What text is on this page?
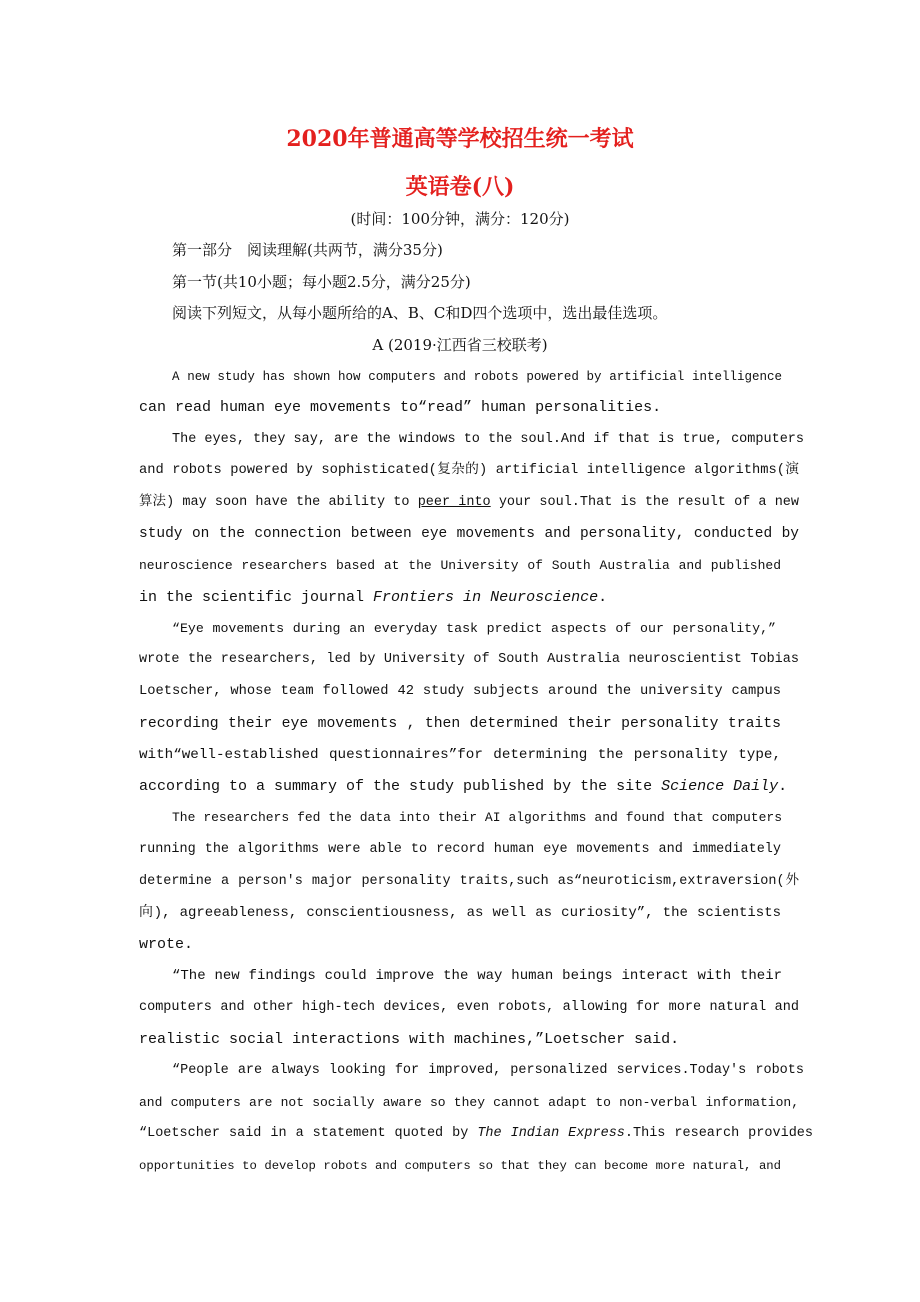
2020年普通高等学校招生统一考试
英语卷(八)
(时间：100分钟，满分：120分)
第一部分　阅读理解(共两节，满分35分)
第一节(共10小题；每小题2.5分，满分25分)
阅读下列短文，从每小题所给的A、B、C和D四个选项中，选出最佳选项。
A (2019·江西省三校联考)
A new study has shown how computers and robots powered by artificial intelligence
can read human eye movements to“read” human personalities.
The eyes, they say, are the windows to the soul.And if that is true, computers
and robots powered by sophisticated(复杂的) artificial intelligence algorithms(演
算法) may soon have the ability to peer into your soul.That is the result of a new
study on the connection between eye movements and personality, conducted by
neuroscience researchers based at the University of South Australia and published
in the scientific journal Frontiers in Neuroscience.
“Eye movements during an everyday task predict aspects of our personality,”
wrote the researchers, led by University of South Australia neuroscientist Tobias
Loetscher, whose team followed 42 study subjects around the university campus
recording their eye movements , then determined their personality traits
with“well-established questionnaires”for determining the personality type,
according to a summary of the study published by the site Science Daily.
The researchers fed the data into their AI algorithms and found that computers
running the algorithms were able to record human eye movements and immediately
determine a person's major personality traits,such as“neuroticism,extraversion(外
向), agreeableness, conscientiousness, as well as curiosity”, the scientists
wrote.
“The new findings could improve the way human beings interact with their
computers and other high-tech devices, even robots, allowing for more natural and
realistic social interactions with machines,”Loetscher said.
“People are always looking for improved, personalized services.Today's robots
and computers are not socially aware so they cannot adapt to non-verbal information,
“Loetscher said in a statement quoted by The Indian Express.This research provides
opportunities to develop robots and computers so that they can become more natural, and
